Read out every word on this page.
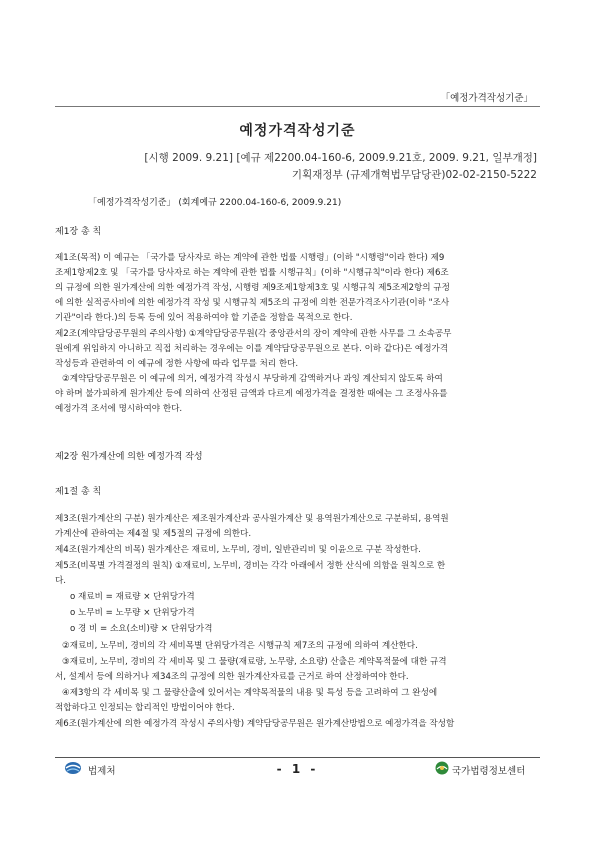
「예정가격작성기준」
예정가격작성기준
[시행 2009. 9.21] [예규 제2200.04-160-6, 2009.9.21호, 2009. 9.21, 일부개정]
기획재정부 (규제개혁법무담당관)02-02-2150-5222
「예정가격작성기준」 (회계예규 2200.04-160-6, 2009.9.21)
제1장 총 칙
제1조(목적) 이 예규는 「국가를 당사자로 하는 계약에 관한 법률 시행령」(이하 "시행령"이라 한다) 제9
조제1항제2호 및 「국가를 당사자로 하는 계약에 관한 법률 시행규칙」(이하 "시행규칙"이라 한다) 제6조
의 규정에 의한 원가계산에 의한 예정가격 작성, 시행령 제9조제1항제3호 및 시행규칙 제5조제2항의 규정
에 의한 실적공사비에 의한 예정가격 작성 및 시행규칙 제5조의 규정에 의한 전문가격조사기관(이하 "조사
기관"이라 한다.)의 등록 등에 있어 적용하여야 할 기준을 정함을 목적으로 한다.
제2조(계약담당공무원의 주의사항) ①계약담당공무원(각 중앙관서의 장이 계약에 관한 사무를 그 소속공무
원에게 위임하지 아니하고 직접 처리하는 경우에는 이를 계약담당공무원으로 본다. 이하 같다)은 예정가격
작성등과 관련하여 이 예규에 정한 사항에 따라 업무를 처리 한다.
②계약담당공무원은 이 예규에 의거, 예정가격 작성시 부당하게 감액하거나 과잉 계산되지 않도록 하여
야 하며 불가피하게 원가계산 등에 의하여 산정된 금액과 다르게 예정가격을 결정한 때에는 그 조정사유를
예정가격 조서에 명시하여야 한다.
제2장 원가계산에 의한 예정가격 작성
제1절 총 칙
제3조(원가계산의 구분) 원가계산은 제조원가계산과 공사원가계산 및 용역원가계산으로 구분하되, 용역원
가계산에 관하여는 제4절 및 제5절의 규정에 의한다.
제4조(원가계산의 비목) 원가계산은 재료비, 노무비, 경비, 일반관리비 및 이윤으로 구분 작성한다.
제5조(비목별 가격결정의 원칙) ①재료비, 노무비, 경비는 각각 아래에서 정한 산식에 의함을 원칙으로 한
다.
o 재료비 = 재료량 × 단위당가격
o 노무비 = 노무량 × 단위당가격
o 경 비 = 소요(소비)량 × 단위당가격
②재료비, 노무비, 경비의 각 세비목별 단위당가격은 시행규칙 제7조의 규정에 의하여 계산한다.
③재료비, 노무비, 경비의 각 세비목 및 그 물량(재료량, 노무량, 소요량) 산출은 계약목적물에 대한 규격
서, 설계서 등에 의하거나 제34조의 규정에 의한 원가계산자료를 근거로 하여 산정하여야 한다.
④제3항의 각 세비목 및 그 물량산출에 있어서는 계약목적물의 내용 및 특성 등을 고려하여 그 완성에
적합하다고 인정되는 합리적인 방법이어야 한다.
제6조(원가계산에 의한 예정가격 작성시 주의사항) 계약담당공무원은 원가계산방법으로 예정가격을 작성함
법제처	- 1 -	국가법령정보센터
